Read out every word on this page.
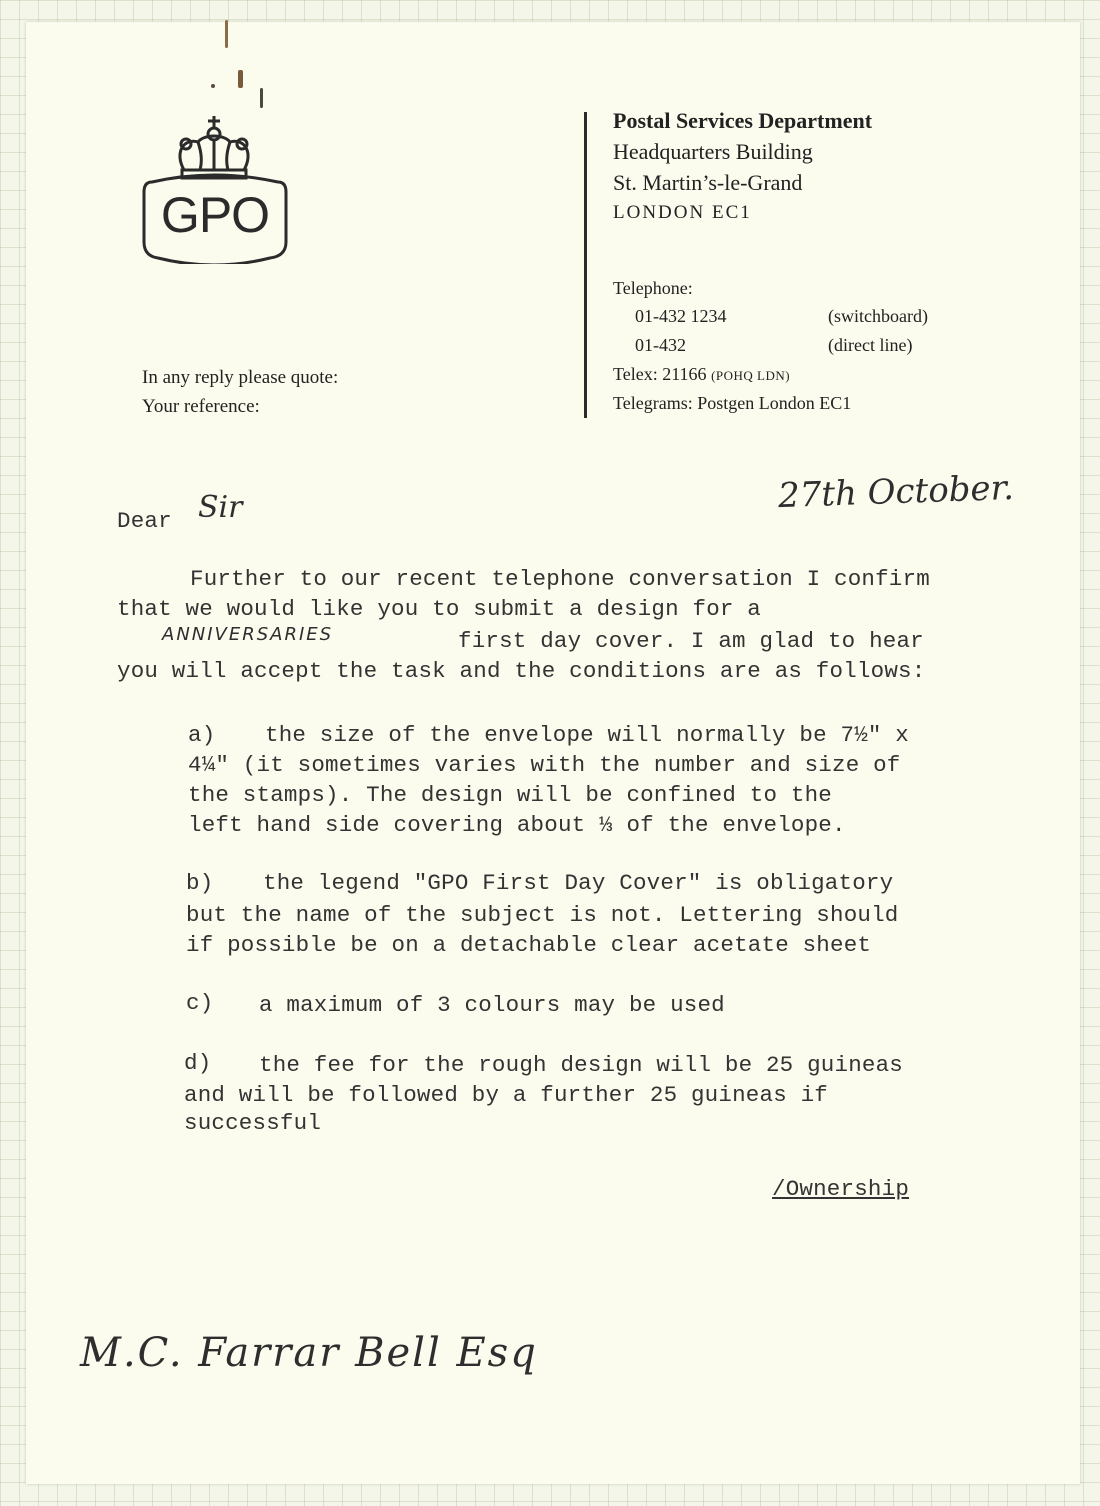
GPO
Postal Services Department
Headquarters Building
St. Martin’s-le-Grand
LONDON EC1
Telephone:
01-432 1234	(switchboard)
01-432	(direct line)
Telex: 21166 (POHQ LDN)
Telegrams: Postgen London EC1
In any reply please quote:
Your reference:
27th October.
Dear Sir
Further to our recent telephone conversation I confirm
that we would like you to submit a design for a
ANNIVERSARIES	first day cover. I am glad to hear
you will accept the task and the conditions are as follows:
a) the size of the envelope will normally be 7½" x
4¼" (it sometimes varies with the number and size of
the stamps). The design will be confined to the
left hand side covering about ⅓ of the envelope.
b) the legend "GPO First Day Cover" is obligatory
but the name of the subject is not. Lettering should
if possible be on a detachable clear acetate sheet
c) a maximum of 3 colours may be used
d) the fee for the rough design will be 25 guineas
and will be followed by a further 25 guineas if
successful
/Ownership
M.C. Farrar Bell Esq
